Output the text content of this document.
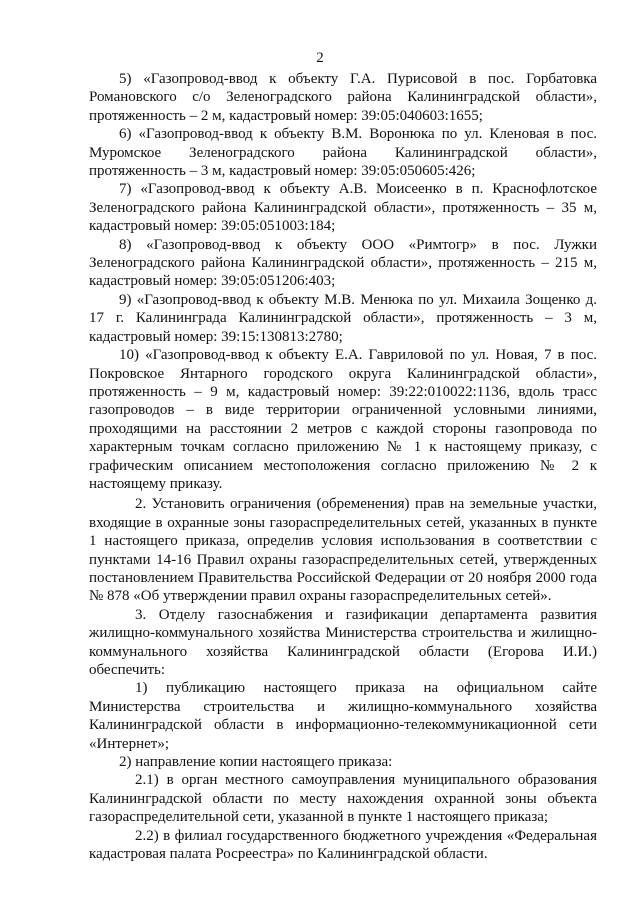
2

5) «Газопровод-ввод к объекту Г.А. Пурисовой в пос. Горбатовка Романовского с/о Зеленоградского района Калининградской области», протяженность – 2 м, кадастровый номер: 39:05:040603:1655;

6) «Газопровод-ввод к объекту В.М. Воронюка по ул. Кленовая в пос. Муромское Зеленоградского района Калининградской области», протяженность – 3 м, кадастровый номер: 39:05:050605:426;

7) «Газопровод-ввод к объекту А.В. Моисеенко в п. Краснофлотское Зеленоградского района Калининградской области», протяженность – 35 м, кадастровый номер: 39:05:051003:184;

8) «Газопровод-ввод к объекту ООО «Римтогр» в пос. Лужки Зеленоградского района Калининградской области», протяженность – 215 м, кадастровый номер: 39:05:051206:403;

9) «Газопровод-ввод к объекту М.В. Менюка по ул. Михаила Зощенко д. 17 г. Калининграда Калининградской области», протяженность – 3 м, кадастровый номер: 39:15:130813:2780;

10) «Газопровод-ввод к объекту Е.А. Гавриловой по ул. Новая, 7 в пос. Покровское Янтарного городского округа Калининградской области», протяженность – 9 м, кадастровый номер: 39:22:010022:1136, вдоль трасс газопроводов – в виде территории ограниченной условными линиями, проходящими на расстоянии 2 метров с каждой стороны газопровода по характерным точкам согласно приложению № 1 к настоящему приказу, с графическим описанием местоположения согласно приложению № 2 к настоящему приказу.

2. Установить ограничения (обременения) прав на земельные участки, входящие в охранные зоны газораспределительных сетей, указанных в пункте 1 настоящего приказа, определив условия использования в соответствии с пунктами 14-16 Правил охраны газораспределительных сетей, утвержденных постановлением Правительства Российской Федерации от 20 ноября 2000 года № 878 «Об утверждении правил охраны газораспределительных сетей».

3. Отделу газоснабжения и газификации департамента развития жилищно-коммунального хозяйства Министерства строительства и жилищно-коммунального хозяйства Калининградской области (Егорова И.И.) обеспечить:

1) публикацию настоящего приказа на официальном сайте Министерства строительства и жилищно-коммунального хозяйства Калининградской области в информационно-телекоммуникационной сети «Интернет»;

2) направление копии настоящего приказа:

2.1) в орган местного самоуправления муниципального образования Калининградской области по месту нахождения охранной зоны объекта газораспределительной сети, указанной в пункте 1 настоящего приказа;

2.2) в филиал государственного бюджетного учреждения «Федеральная кадастровая палата Росреестра» по Калининградской области.
